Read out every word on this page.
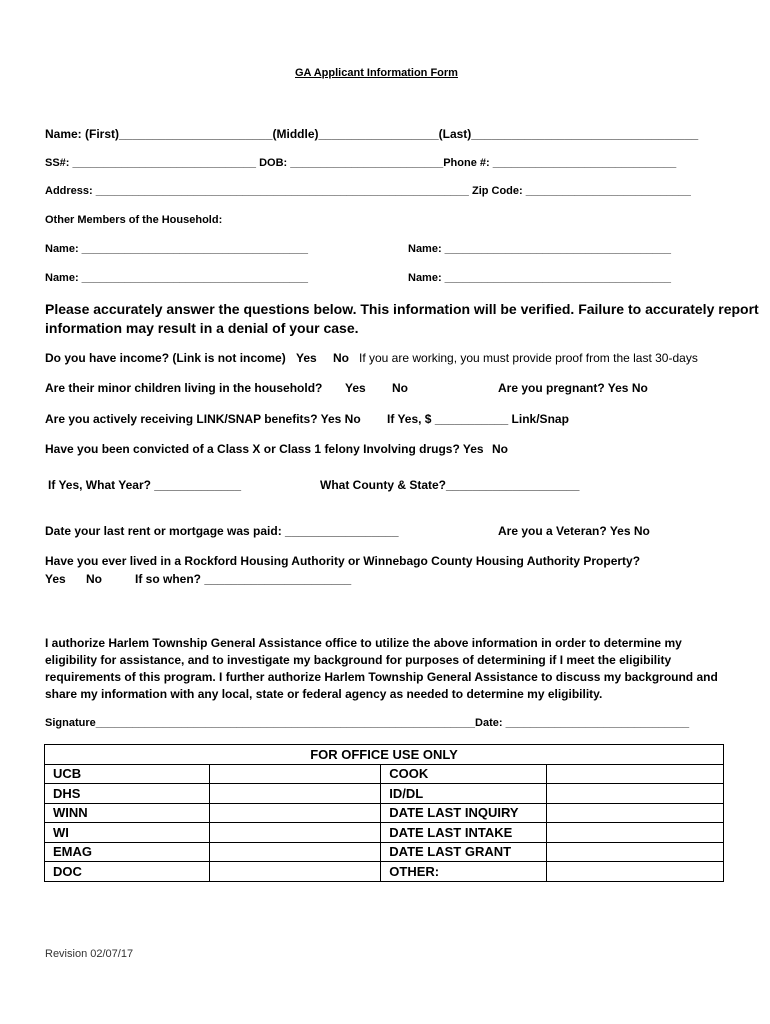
GA Applicant Information Form
Name: (First)_______________________(Middle)__________________(Last)__________________________________
SS#: ______________________________ DOB: _________________________Phone #: ______________________________
Address: _____________________________________________________________ Zip Code: ___________________________
Other Members of the Household:
Name: _____________________________________	Name: _____________________________________
Name: _____________________________________	Name: _____________________________________
Please accurately answer the questions below. This information will be verified. Failure to accurately report
information may result in a denial of your case.
Do you have income? (Link is not income) Yes No If you are working, you must provide proof from the last 30-days
Are their minor children living in the household? Yes No	Are you pregnant? Yes No
Are you actively receiving LINK/SNAP benefits? Yes No If Yes, $ ___________ Link/Snap
Have you been convicted of a Class X or Class 1 felony Involving drugs? Yes No
If Yes, What Year? _____________	What County & State?____________________
Date your last rent or mortgage was paid: _________________	Are you a Veteran? Yes No
Have you ever lived in a Rockford Housing Authority or Winnebago County Housing Authority Property?
Yes No	If so when? ______________________
I authorize Harlem Township General Assistance office to utilize the above information in order to determine my
eligibility for assistance, and to investigate my background for purposes of determining if I meet the eligibility
requirements of this program. I further authorize Harlem Township General Assistance to discuss my background and
share my information with any local, state or federal agency as needed to determine my eligibility.
Signature______________________________________________________________Date: ______________________________
FOR OFFICE USE ONLY			
UCB		COOK	
DHS		ID/DL	
WINN		DATE LAST INQUIRY	
WI		DATE LAST INTAKE	
EMAG		DATE LAST GRANT	
DOC		OTHER:	
Revision 02/07/17
